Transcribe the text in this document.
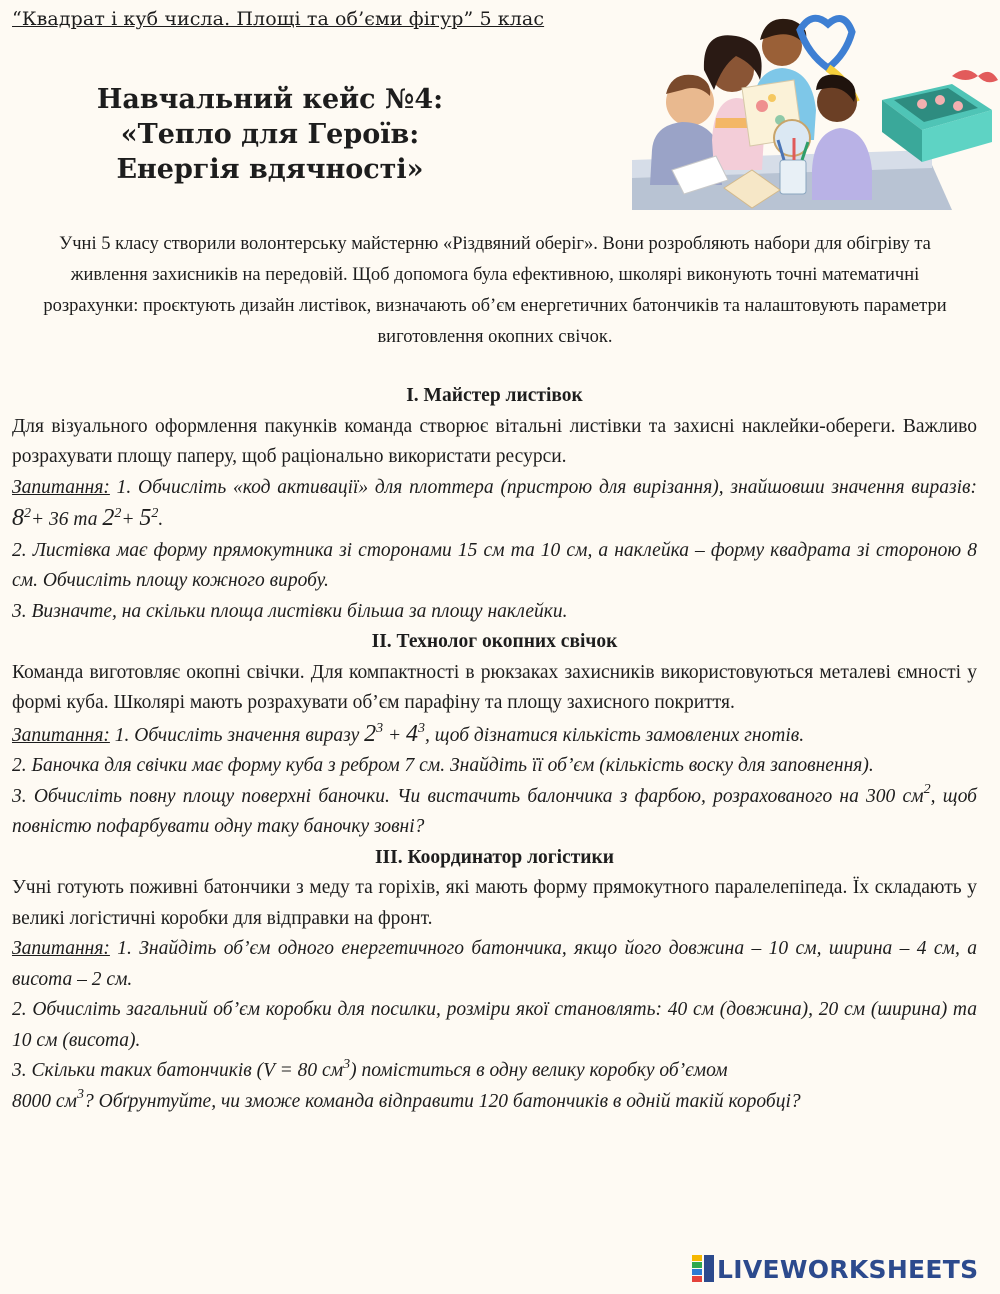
“Квадрат і куб числа. Площі та об’єми фігур” 5 клас
Навчальний кейс №4:
«Тепло для Героїв:
Енергія вдячності»
Учні 5 класу створили волонтерську майстерню «Різдвяний оберіг». Вони розробляють набори для обігріву та живлення захисників на передовій. Щоб допомога була ефективною, школярі виконують точні математичні розрахунки: проєктують дизайн листівок, визначають об’єм енергетичних батончиків та налаштовують параметри виготовлення окопних свічок.
I. Майстер листівок

Для візуального оформлення пакунків команда створює вітальні листівки та захисні наклейки-обереги. Важливо розрахувати площу паперу, щоб раціонально використати ресурси.

Запитання: 1. Обчисліть «код активації» для плоттера (пристрою для вирізання), знайшовши значення виразів: $8^2+ 36$ та $2^2+ 5^2$.

2. Листівка має форму прямокутника зі сторонами 15 см та 10 см, а наклейка – форму квадрата зі стороною 8 см. Обчисліть площу кожного виробу.

3. Визначте, на скільки площа листівки більша за площу наклейки.

II. Технолог окопних свічок

Команда виготовляє окопні свічки. Для компактності в рюкзаках захисників використовуються металеві ємності у формі куба. Школярі мають розрахувати об’єм парафіну та площу захисного покриття.

Запитання: 1. Обчисліть значення виразу $2^3 + 4^3$, щоб дізнатися кількість замовлених гнотів.

2. Баночка для свічки має форму куба з ребром 7 см. Знайдіть її об’єм (кількість воску для заповнення).

3. Обчисліть повну площу поверхні баночки. Чи вистачить балончика з фарбою, розрахованого на 300 $см^2$, щоб повністю пофарбувати одну таку баночку зовні?

III. Координатор логістики

Учні готують поживні батончики з меду та горіхів, які мають форму прямокутного паралелепіпеда. Їх складають у великі логістичні коробки для відправки на фронт.

Запитання: 1. Знайдіть об’єм одного енергетичного батончика, якщо його довжина – 10 см, ширина – 4 см, а висота – 2 см.

2. Обчисліть загальний об’єм коробки для посилки, розміри якої становлять: 40 см (довжина), 20 см (ширина) та 10 см (висота).

3. Скільки таких батончиків (V = 80 $см^3$) поміститься в одну велику коробку об’ємом
8000 $см^3$? Обґрунтуйте, чи зможе команда відправити 120 батончиків в одній такій коробці?

LIVEWORKSHEETS
